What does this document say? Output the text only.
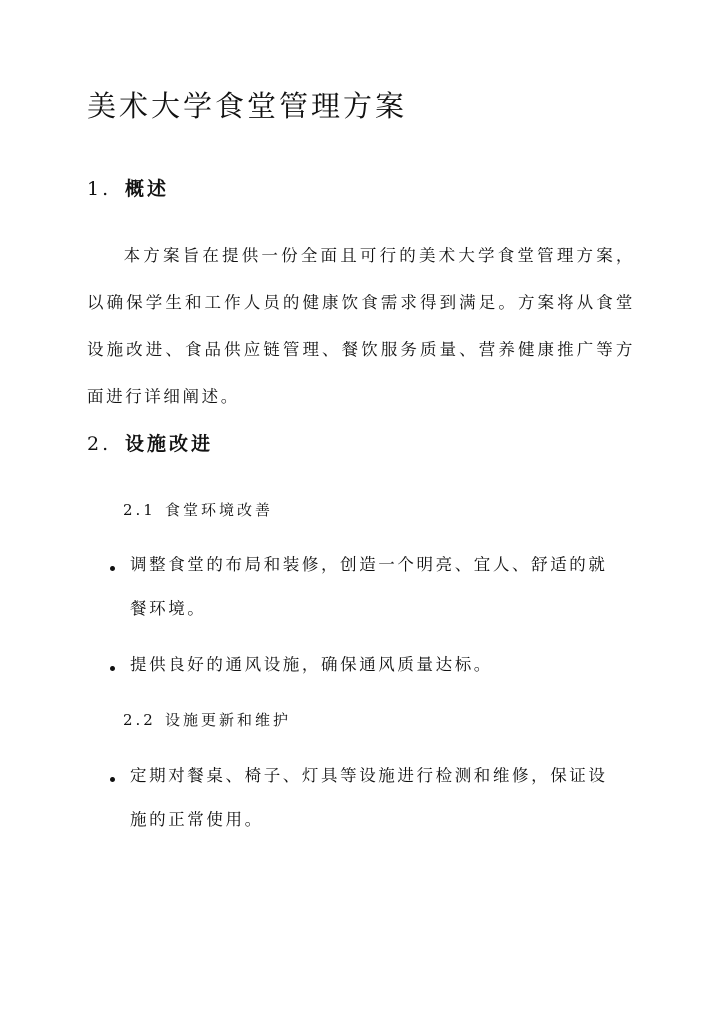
美术大学食堂管理方案
1. 概述
本方案旨在提供一份全面且可行的美术大学食堂管理方案，以确保学生和工作人员的健康饮食需求得到满足。方案将从食堂设施改进、食品供应链管理、餐饮服务质量、营养健康推广等方面进行详细阐述。
2. 设施改进
2.1 食堂环境改善
调整食堂的布局和装修，创造一个明亮、宜人、舒适的就餐环境。
提供良好的通风设施，确保通风质量达标。
2.2 设施更新和维护
定期对餐桌、椅子、灯具等设施进行检测和维修，保证设施的正常使用。
